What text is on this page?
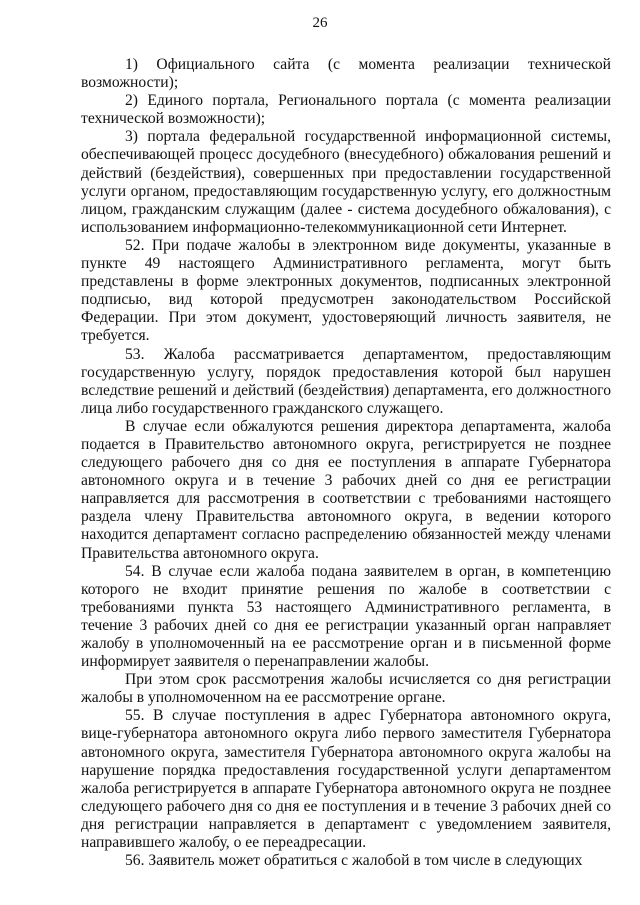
26

1) Официального сайта (с момента реализации технической возможности);

2) Единого портала, Регионального портала (с момента реализации технической возможности);

3) портала федеральной государственной информационной системы, обеспечивающей процесс досудебного (внесудебного) обжалования решений и действий (бездействия), совершенных при предоставлении государственной услуги органом, предоставляющим государственную услугу, его должностным лицом, гражданским служащим (далее - система досудебного обжалования), с использованием информационно-телекоммуникационной сети Интернет.

52. При подаче жалобы в электронном виде документы, указанные в пункте 49 настоящего Административного регламента, могут быть представлены в форме электронных документов, подписанных электронной подписью, вид которой предусмотрен законодательством Российской Федерации. При этом документ, удостоверяющий личность заявителя, не требуется.

53. Жалоба рассматривается департаментом, предоставляющим государственную услугу, порядок предоставления которой был нарушен вследствие решений и действий (бездействия) департамента, его должностного лица либо государственного гражданского служащего.

В случае если обжалуются решения директора департамента, жалоба подается в Правительство автономного округа, регистрируется не позднее следующего рабочего дня со дня ее поступления в аппарате Губернатора автономного округа и в течение 3 рабочих дней со дня ее регистрации направляется для рассмотрения в соответствии с требованиями настоящего раздела члену Правительства автономного округа, в ведении которого находится департамент согласно распределению обязанностей между членами Правительства автономного округа.

54. В случае если жалоба подана заявителем в орган, в компетенцию которого не входит принятие решения по жалобе в соответствии с требованиями пункта 53 настоящего Административного регламента, в течение 3 рабочих дней со дня ее регистрации указанный орган направляет жалобу в уполномоченный на ее рассмотрение орган и в письменной форме информирует заявителя о перенаправлении жалобы.

При этом срок рассмотрения жалобы исчисляется со дня регистрации жалобы в уполномоченном на ее рассмотрение органе.

55. В случае поступления в адрес Губернатора автономного округа, вице-губернатора автономного округа либо первого заместителя Губернатора автономного округа, заместителя Губернатора автономного округа жалобы на нарушение порядка предоставления государственной услуги департаментом жалоба регистрируется в аппарате Губернатора автономного округа не позднее следующего рабочего дня со дня ее поступления и в течение 3 рабочих дней со дня регистрации направляется в департамент с уведомлением заявителя, направившего жалобу, о ее переадресации.

56. Заявитель может обратиться с жалобой в том числе в следующих
